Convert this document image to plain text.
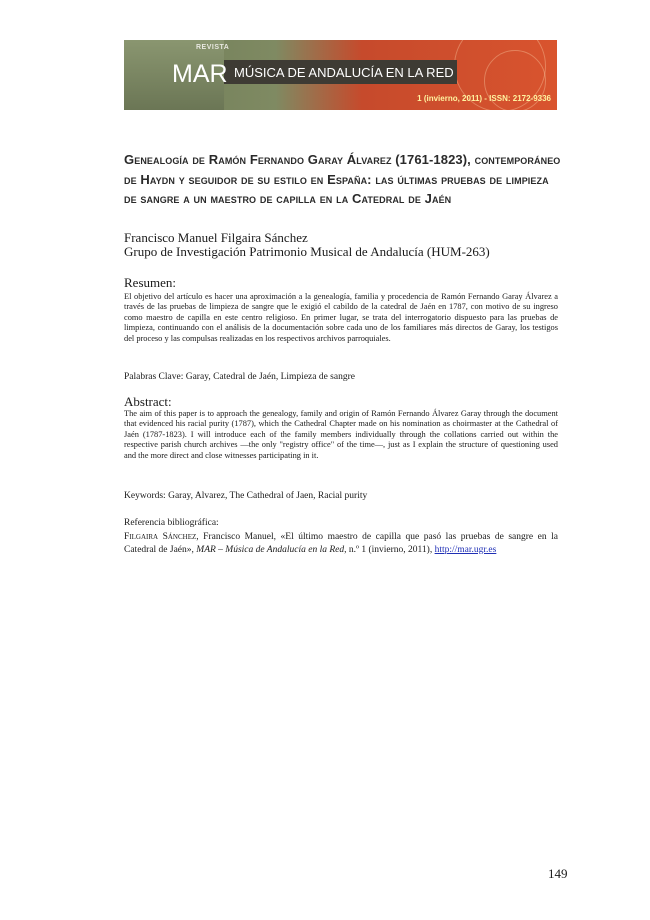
REVISTA
MAR MÚSICA DE ANDALUCÍA EN LA RED
1 (invierno, 2011) - ISSN: 2172-9336
Genealogía de Ramón Fernando Garay Álvarez (1761-1823), contemporáneo de Haydn y seguidor de su estilo en España: las últimas pruebas de limpieza de sangre a un maestro de capilla en la Catedral de Jaén
Francisco Manuel Filgaira Sánchez
Grupo de Investigación Patrimonio Musical de Andalucía (HUM-263)
Resumen:
El objetivo del artículo es hacer una aproximación a la genealogía, familia y procedencia de Ramón Fernando Garay Álvarez a través de las pruebas de limpieza de sangre que le exigió el cabildo de la catedral de Jaén en 1787, con motivo de su ingreso como maestro de capilla en este centro religioso. En primer lugar, se trata del interrogatorio dispuesto para las pruebas de limpieza, continuando con el análisis de la documentación sobre cada uno de los familiares más directos de Garay, los testigos del proceso y las compulsas realizadas en los respectivos archivos parroquiales.
Palabras Clave: Garay, Catedral de Jaén, Limpieza de sangre
Abstract:
The aim of this paper is to approach the genealogy, family and origin of Ramón Fernando Álvarez Garay through the document that evidenced his racial purity (1787), which the Cathedral Chapter made on his nomination as choirmaster at the Cathedral of Jaén (1787-1823). I will introduce each of the family members individually through the collations carried out within the respective parish church archives —the only "registry office" of the time—, just as I explain the structure of questioning used and the more direct and close witnesses participating in it.
Keywords: Garay, Alvarez, The Cathedral of Jaen, Racial purity
Referencia bibliográfica:
Filgaira Sánchez, Francisco Manuel, «El último maestro de capilla que pasó las pruebas de sangre en la Catedral de Jaén», MAR – Música de Andalucía en la Red, n.º 1 (invierno, 2011), http://mar.ugr.es
149
